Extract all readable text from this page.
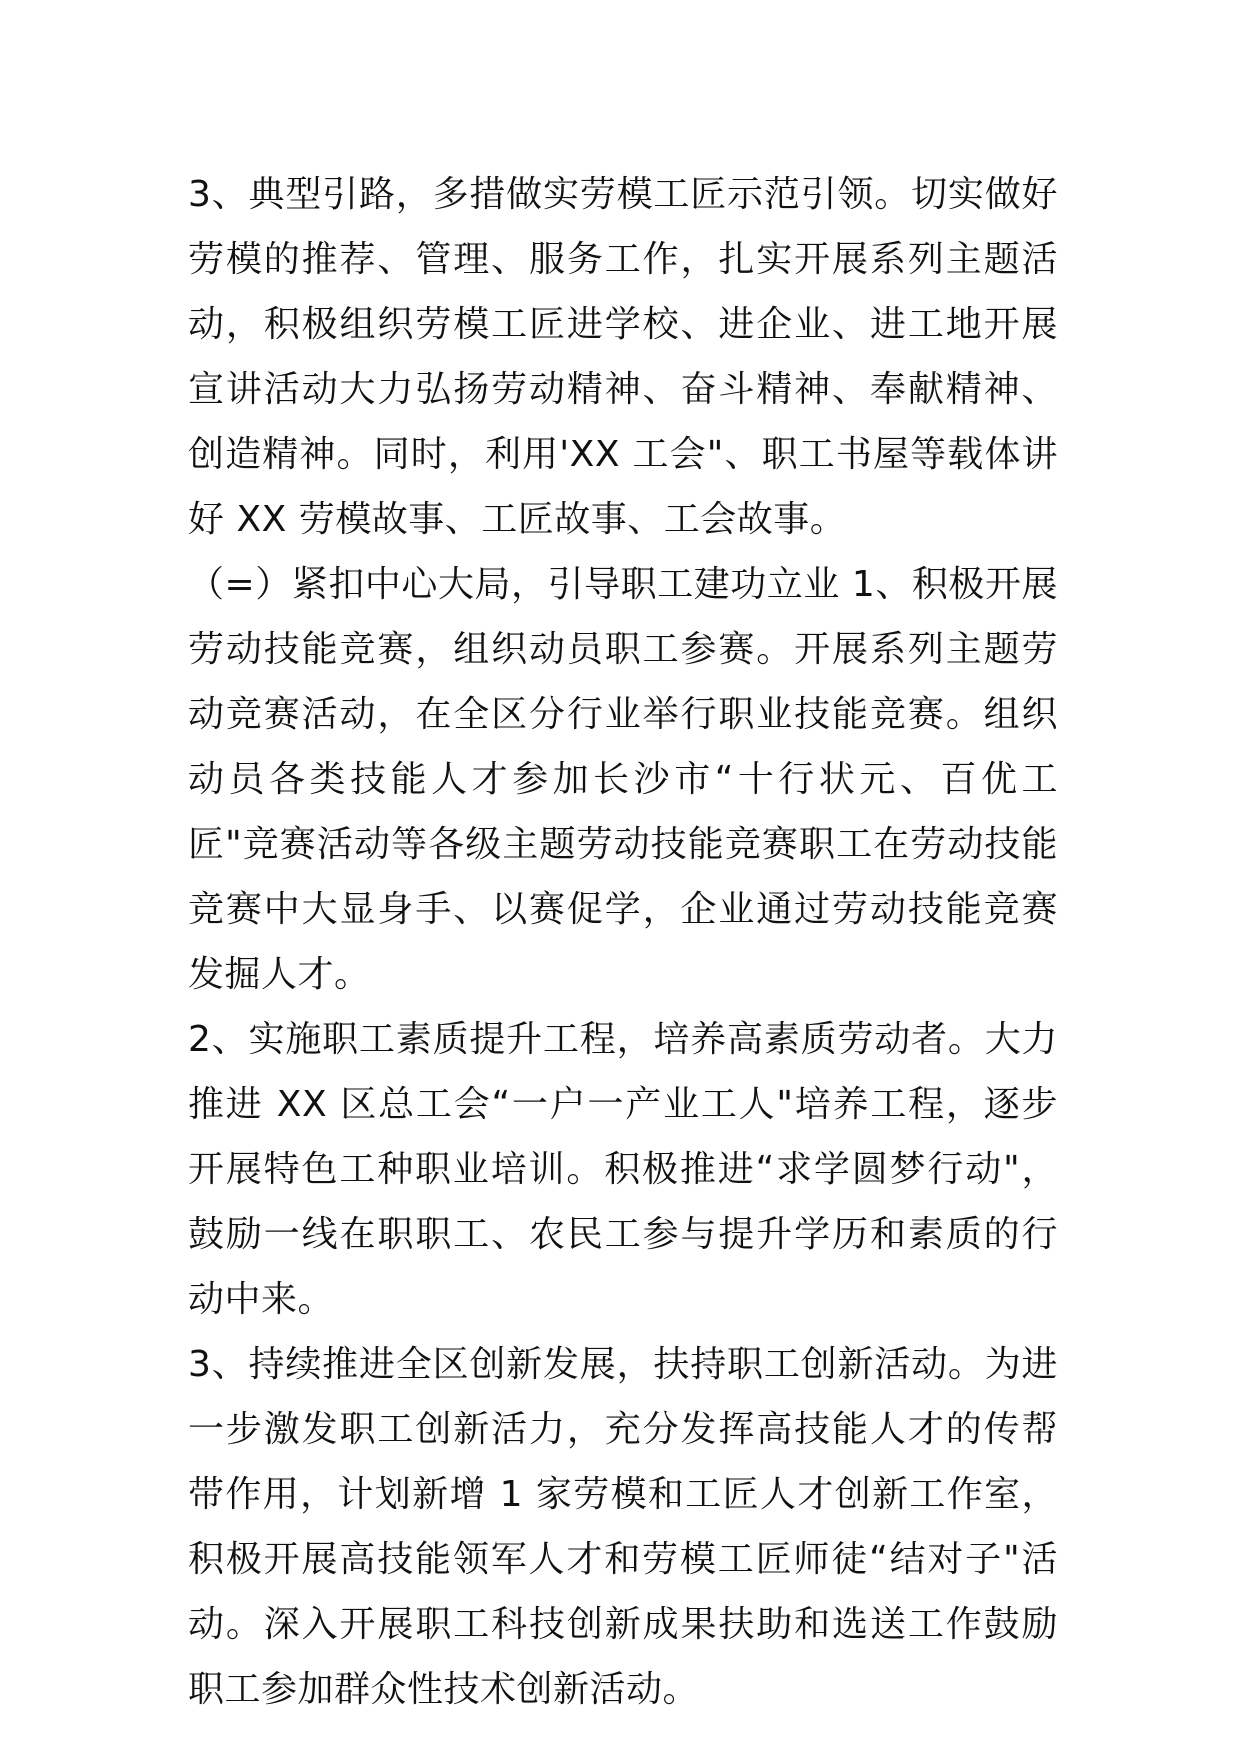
3、典型引路，多措做实劳模工匠示范引领。切实做好劳模的推荐、管理、服务工作，扎实开展系列主题活动，积极组织劳模工匠进学校、进企业、进工地开展宣讲活动大力弘扬劳动精神、奋斗精神、奉献精神、创造精神。同时，利用'XX 工会"、职工书屋等载体讲好 XX 劳模故事、工匠故事、工会故事。

（=）紧扣中心大局，引导职工建功立业 1、积极开展劳动技能竞赛，组织动员职工参赛。开展系列主题劳动竞赛活动，在全区分行业举行职业技能竞赛。组织动员各类技能人才参加长沙市“十行状元、百优工匠"竞赛活动等各级主题劳动技能竞赛职工在劳动技能竞赛中大显身手、以赛促学，企业通过劳动技能竞赛发掘人才。

2、实施职工素质提升工程，培养高素质劳动者。大力推进 XX 区总工会“一户一产业工人"培养工程，逐步开展特色工种职业培训。积极推进“求学圆梦行动"，鼓励一线在职职工、农民工参与提升学历和素质的行动中来。

3、持续推进全区创新发展，扶持职工创新活动。为进一步激发职工创新活力，充分发挥高技能人才的传帮带作用，计划新增 1 家劳模和工匠人才创新工作室，积极开展高技能领军人才和劳模工匠师徒“结对子"活动。深入开展职工科技创新成果扶助和选送工作鼓励职工参加群众性技术创新活动。
